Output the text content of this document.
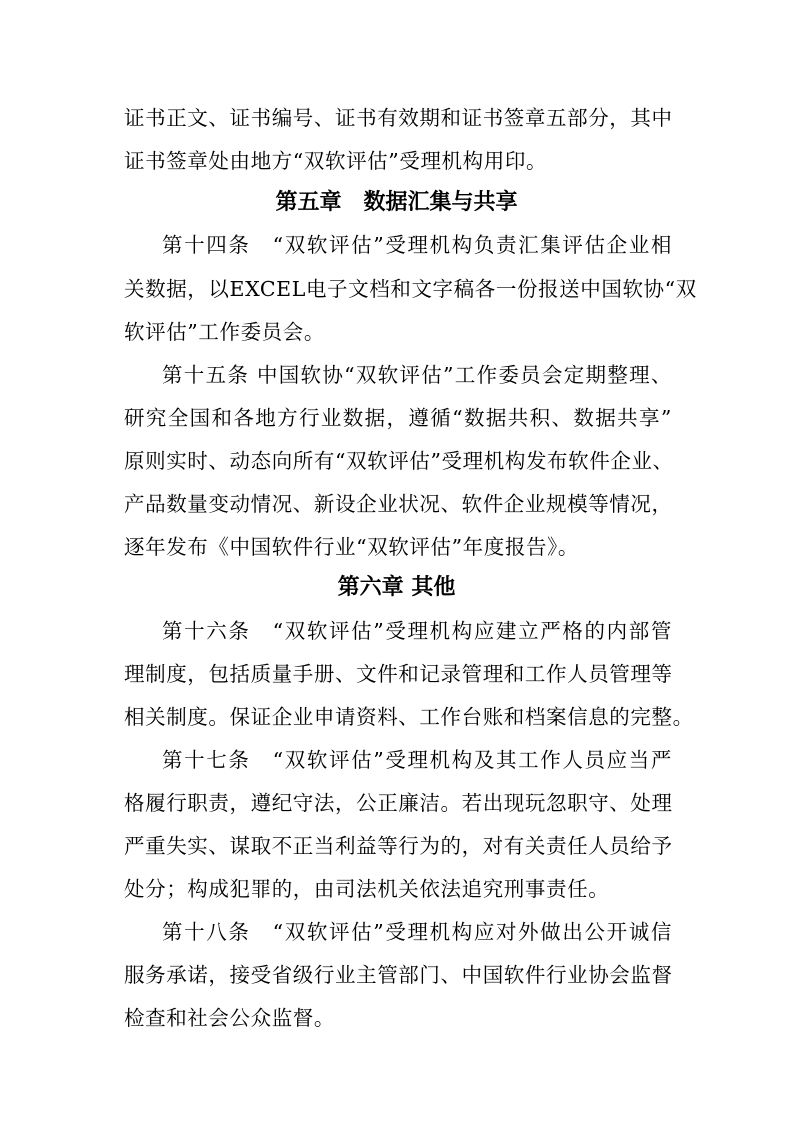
证书正文、证书编号、证书有效期和证书签章五部分，其中
证书签章处由地方“双软评估”受理机构用印。
第五章　数据汇集与共享
第十四条　“双软评估”受理机构负责汇集评估企业相
关数据，以EXCEL电子文档和文字稿各一份报送中国软协“双
软评估”工作委员会。
第十五条 中国软协“双软评估”工作委员会定期整理、
研究全国和各地方行业数据，遵循“数据共积、数据共享”
原则实时、动态向所有“双软评估”受理机构发布软件企业、
产品数量变动情况、新设企业状况、软件企业规模等情况，
逐年发布《中国软件行业“双软评估”年度报告》。
第六章 其他
第十六条　“双软评估”受理机构应建立严格的内部管
理制度，包括质量手册、文件和记录管理和工作人员管理等
相关制度。保证企业申请资料、工作台账和档案信息的完整。
第十七条　“双软评估”受理机构及其工作人员应当严
格履行职责，遵纪守法，公正廉洁。若出现玩忽职守、处理
严重失实、谋取不正当利益等行为的，对有关责任人员给予
处分；构成犯罪的，由司法机关依法追究刑事责任。
第十八条　“双软评估”受理机构应对外做出公开诚信
服务承诺，接受省级行业主管部门、中国软件行业协会监督
检查和社会公众监督。
